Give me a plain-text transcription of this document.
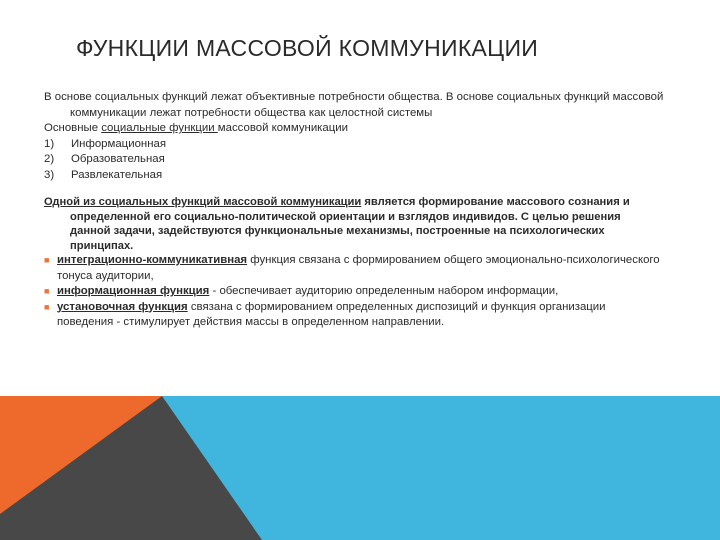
ФУНКЦИИ МАССОВОЙ КОММУНИКАЦИИ

В основе социальных функций лежат объективные потребности общества. В основе социальных функций массовой коммуникации лежат потребности общества как целостной системы

Основные социальные функции массовой коммуникации

1)	Информационная
2)	Образовательная
3)	Развлекательная

Одной из социальных функций массовой коммуникации является формирование массового сознания и определенной его социально-политической ориентации и взглядов индивидов. С целью решения данной задачи, задействуются функциональные механизмы, построенные на психологических принципах.

■ интеграционно-коммуникативная функция связана с формированием общего эмоционально-психологического тонуса аудитории,
■ информационная функция - обеспечивает аудиторию определенным набором информации,
■ установочная функция связана с формированием определенных диспозиций и функция организации поведения - стимулирует действия массы в определенном направлении.
